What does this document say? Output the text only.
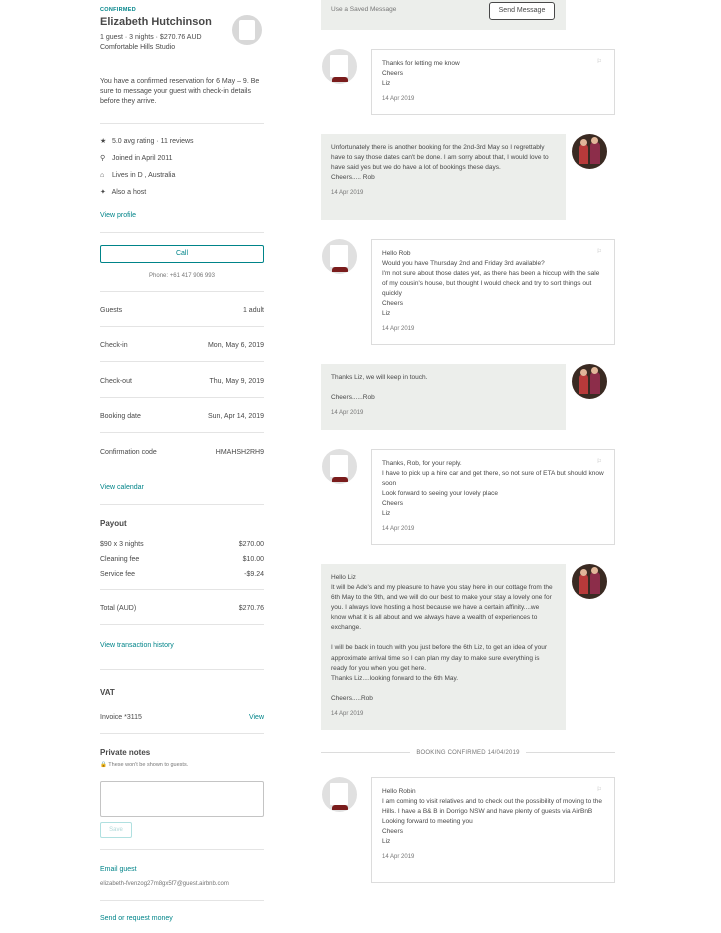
CONFIRMED
Elizabeth Hutchinson
1 guest · 3 nights · $270.76 AUD
Comfortable Hills Studio
You have a confirmed reservation for 6 May – 9. Be sure to message your guest with check-in details before they arrive.
★ 5.0 avg rating · 11 reviews
⚲ Joined in April 2011
⌂ Lives in D , Australia
✦ Also a host
View profile
Call
Phone: +61 417 906 993
Guests	1 adult
Check-in	Mon, May 6, 2019
Check-out	Thu, May 9, 2019
Booking date	Sun, Apr 14, 2019
Confirmation code	HMAHSH2RH9
View calendar
Payout
$90 x 3 nights	$270.00
Cleaning fee	$10.00
Service fee	-$9.24
Total (AUD)	$270.76
View transaction history
VAT
Invoice *3115	View
Private notes
🔒 These won't be shown to guests.
Save
Email guest
elizabeth-fvenzog27m8gx5f7@guest.airbnb.com
Send or request money
Use a Saved Message	Send Message
⚐
Thanks for letting me know
Cheers
Liz
14 Apr 2019
Unfortunately there is another booking for the 2nd-3rd May so I regrettably have to say those dates can't be done. I am sorry about that, I would love to have said yes but we do have a lot of bookings these days.
Cheers..... Rob
14 Apr 2019
⚐
Hello Rob
Would you have Thursday 2nd and Friday 3rd available?
I'm not sure about those dates yet, as there has been a hiccup with the sale of my cousin's house, but thought I would check and try to sort things out quickly
Cheers
Liz
14 Apr 2019
Thanks Liz, we will keep in touch.

Cheers......Rob
14 Apr 2019
⚐
Thanks, Rob, for your reply.
I have to pick up a hire car and get there, so not sure of ETA but should know soon
Look forward to seeing your lovely place
Cheers
Liz
14 Apr 2019
Hello Liz
It will be Ade's and my pleasure to have you stay here in our cottage from the 6th May to the 9th, and we will do our best to make your stay a lovely one for you. I always love hosting a host because we have a certain affinity....we know what it is all about and we always have a wealth of experiences to exchange.

I will be back in touch with you just before the 6th Liz, to get an idea of your approximate arrival time so I can plan my day to make sure everything is ready for you when you get here.
Thanks Liz....looking forward to the 6th May.

Cheers.....Rob
14 Apr 2019
BOOKING CONFIRMED 14/04/2019
⚐
Hello Robin
I am coming to visit relatives and to check out the possibility of moving to the Hills. I have a B& B in Dorrigo NSW and have plenty of guests via AirBnB
Looking forward to meeting you
Cheers
Liz
14 Apr 2019
